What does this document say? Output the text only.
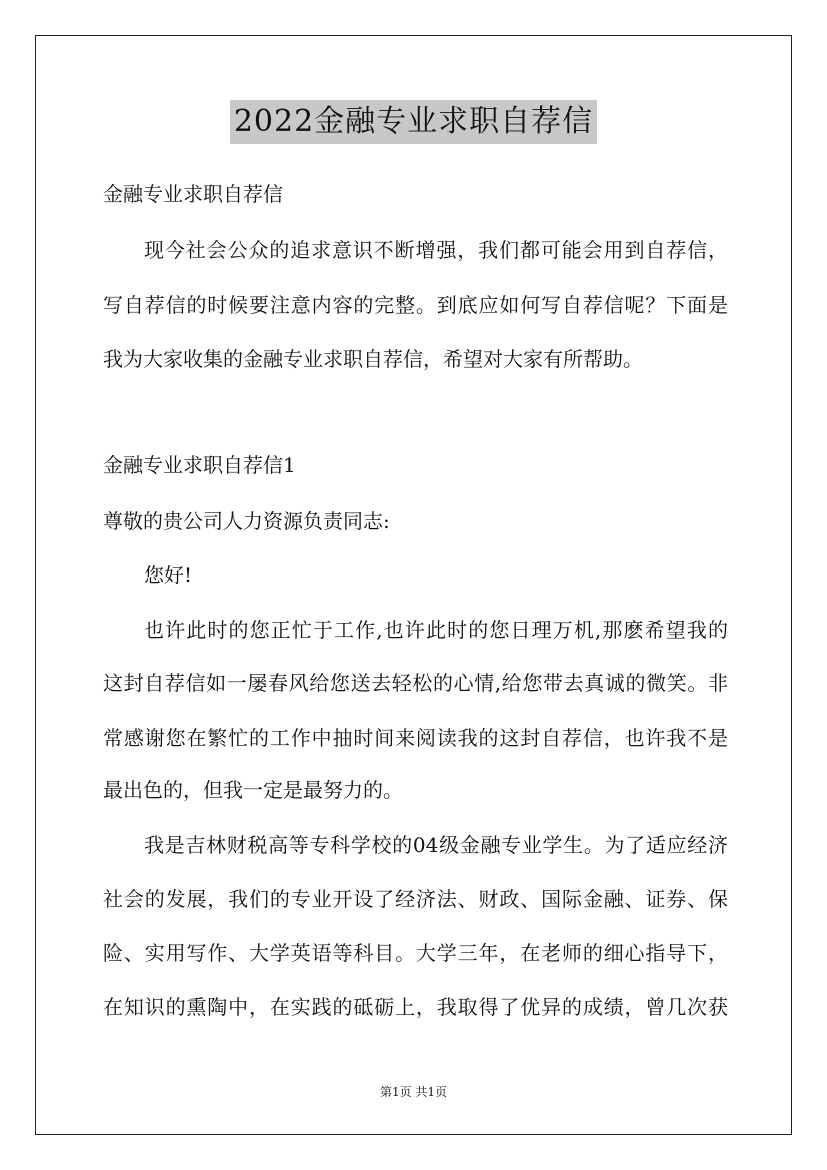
2022金融专业求职自荐信

金融专业求职自荐信

现今社会公众的追求意识不断增强，我们都可能会用到自荐信，

写自荐信的时候要注意内容的完整。到底应如何写自荐信呢？下面是

我为大家收集的金融专业求职自荐信，希望对大家有所帮助。

金融专业求职自荐信1

尊敬的贵公司人力资源负责同志:

您好!

也许此时的您正忙于工作,也许此时的您日理万机,那麽希望我的

这封自荐信如一屡春风给您送去轻松的心情,给您带去真诚的微笑。非

常感谢您在繁忙的工作中抽时间来阅读我的这封自荐信，也许我不是

最出色的，但我一定是最努力的。

我是吉林财税高等专科学校的04级金融专业学生。为了适应经济

社会的发展，我们的专业开设了经济法、财政、国际金融、证券、保

险、实用写作、大学英语等科目。大学三年，在老师的细心指导下，

在知识的熏陶中，在实践的砥砺上，我取得了优异的成绩，曾几次获

第1页 共1页
